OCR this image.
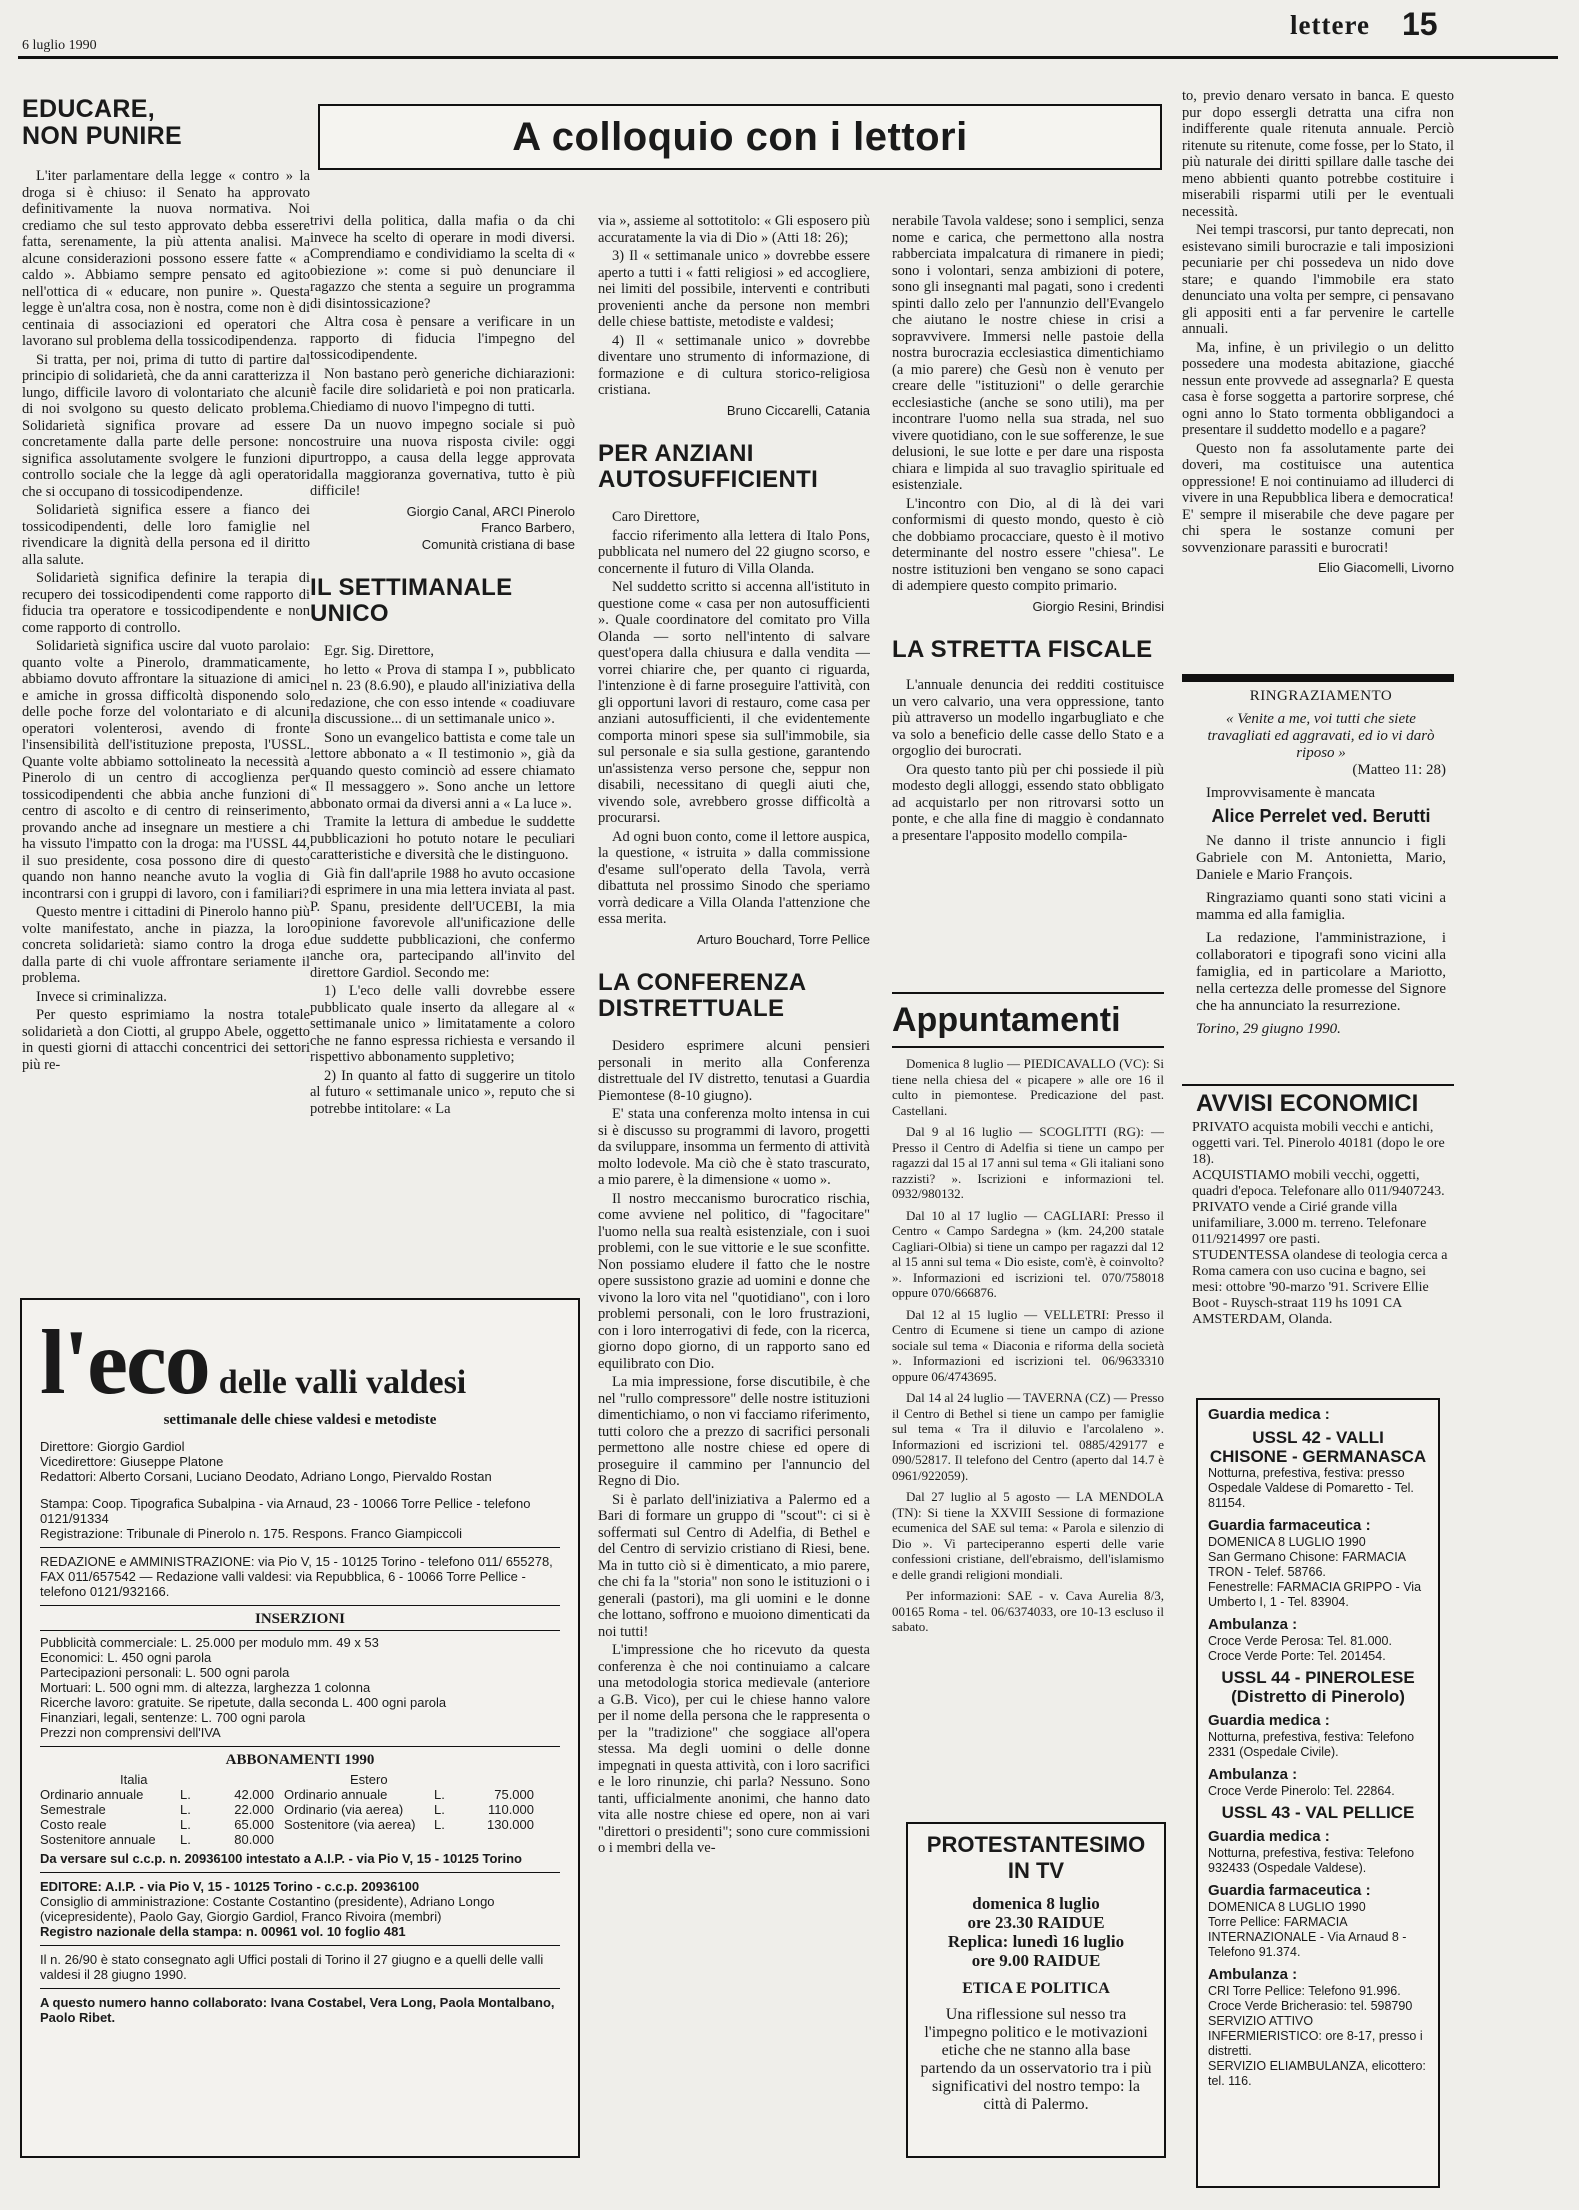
6 luglio 1990
lettere 15
EDUCARE,
NON PUNIRE

L'iter parlamentare della legge « contro » la droga si è chiuso: il Senato ha approvato definitivamente la nuova normativa. Noi crediamo che sul testo approvato debba essere fatta, serenamente, la più attenta analisi. Ma alcune considerazioni possono essere fatte « a caldo ». Abbiamo sempre pensato ed agito nell'ottica di « educare, non punire ». Questa legge è un'altra cosa, non è nostra, come non è di centinaia di associazioni ed operatori che lavorano sul problema della tossicodipendenza.

Si tratta, per noi, prima di tutto di partire dal principio di solidarietà, che da anni caratterizza il lungo, difficile lavoro di volontariato che alcuni di noi svolgono su questo delicato problema. Solidarietà significa provare ad essere concretamente dalla parte delle persone: non significa assolutamente svolgere le funzioni di controllo sociale che la legge dà agli operatori che si occupano di tossicodipendenze.

Solidarietà significa essere a fianco dei tossicodipendenti, delle loro famiglie nel rivendicare la dignità della persona ed il diritto alla salute.

Solidarietà significa definire la terapia di recupero dei tossicodipendenti come rapporto di fiducia tra operatore e tossicodipendente e non come rapporto di controllo.

Solidarietà significa uscire dal vuoto parolaio: quanto volte a Pinerolo, drammaticamente, abbiamo dovuto affrontare la situazione di amici e amiche in grossa difficoltà disponendo solo delle poche forze del volontariato e di alcuni operatori volenterosi, avendo di fronte l'insensibilità dell'istituzione preposta, l'USSL. Quante volte abbiamo sottolineato la necessità a Pinerolo di un centro di accoglienza per tossicodipendenti che abbia anche funzioni di centro di ascolto e di centro di reinserimento, provando anche ad insegnare un mestiere a chi ha vissuto l'impatto con la droga: ma l'USSL 44, il suo presidente, cosa possono dire di questo quando non hanno neanche avuto la voglia di incontrarsi con i gruppi di lavoro, con i familiari?

Questo mentre i cittadini di Pinerolo hanno più volte manifestato, anche in piazza, la loro concreta solidarietà: siamo contro la droga e dalla parte di chi vuole affrontare seriamente il problema.

Invece si criminalizza.

Per questo esprimiamo la nostra totale solidarietà a don Ciotti, al gruppo Abele, oggetto in questi giorni di attacchi concentrici dei settori più re-

A colloquio con i lettori

trivi della politica, dalla mafia o da chi invece ha scelto di operare in modi diversi. Comprendiamo e condividiamo la scelta di « obiezione »: come si può denunciare il ragazzo che stenta a seguire un programma di disintossicazione?

Altra cosa è pensare a verificare in un rapporto di fiducia l'impegno del tossicodipendente.

Non bastano però generiche dichiarazioni: è facile dire solidarietà e poi non praticarla. Chiediamo di nuovo l'impegno di tutti.

Da un nuovo impegno sociale si può costruire una nuova risposta civile: oggi purtroppo, a causa della legge approvata dalla maggioranza governativa, tutto è più difficile!

Giorgio Canal, ARCI Pinerolo
Franco Barbero,
Comunità cristiana di base
IL SETTIMANALE
UNICO

Egr. Sig. Direttore,

ho letto « Prova di stampa I », pubblicato nel n. 23 (8.6.90), e plaudo all'iniziativa della redazione, che con esso intende « coadiuvare la discussione... di un settimanale unico ».

Sono un evangelico battista e come tale un lettore abbonato a « Il testimonio », già da quando questo cominciò ad essere chiamato « Il messaggero ». Sono anche un lettore abbonato ormai da diversi anni a « La luce ».

Tramite la lettura di ambedue le suddette pubblicazioni ho potuto notare le peculiari caratteristiche e diversità che le distinguono.

Già fin dall'aprile 1988 ho avuto occasione di esprimere in una mia lettera inviata al past. P. Spanu, presidente dell'UCEBI, la mia opinione favorevole all'unificazione delle due suddette pubblicazioni, che confermo anche ora, partecipando all'invito del direttore Gardiol. Secondo me:

1) L'eco delle valli dovrebbe essere pubblicato quale inserto da allegare al « settimanale unico » limitatamente a coloro che ne fanno espressa richiesta e versando il rispettivo abbonamento suppletivo;

2) In quanto al fatto di suggerire un titolo al futuro « settimanale unico », reputo che si potrebbe intitolare: « La

via », assieme al sottotitolo: « Gli esposero più accuratamente la via di Dio » (Atti 18: 26);

3) Il « settimanale unico » dovrebbe essere aperto a tutti i « fatti religiosi » ed accogliere, nei limiti del possibile, interventi e contributi provenienti anche da persone non membri delle chiese battiste, metodiste e valdesi;

4) Il « settimanale unico » dovrebbe diventare uno strumento di informazione, di formazione e di cultura storico-religiosa cristiana.

Bruno Ciccarelli, Catania
PER ANZIANI
AUTOSUFFICIENTI

Caro Direttore,

faccio riferimento alla lettera di Italo Pons, pubblicata nel numero del 22 giugno scorso, e concernente il futuro di Villa Olanda.

Nel suddetto scritto si accenna all'istituto in questione come « casa per non autosufficienti ». Quale coordinatore del comitato pro Villa Olanda — sorto nell'intento di salvare quest'opera dalla chiusura e dalla vendita — vorrei chiarire che, per quanto ci riguarda, l'intenzione è di farne proseguire l'attività, con gli opportuni lavori di restauro, come casa per anziani autosufficienti, il che evidentemente comporta minori spese sia sull'immobile, sia sul personale e sia sulla gestione, garantendo un'assistenza verso persone che, seppur non disabili, necessitano di quegli aiuti che, vivendo sole, avrebbero grosse difficoltà a procurarsi.

Ad ogni buon conto, come il lettore auspica, la questione, « istruita » dalla commissione d'esame sull'operato della Tavola, verrà dibattuta nel prossimo Sinodo che speriamo vorrà dedicare a Villa Olanda l'attenzione che essa merita.

Arturo Bouchard, Torre Pellice
LA CONFERENZA
DISTRETTUALE

Desidero esprimere alcuni pensieri personali in merito alla Conferenza distrettuale del IV distretto, tenutasi a Guardia Piemontese (8-10 giugno).

E' stata una conferenza molto intensa in cui si è discusso su programmi di lavoro, progetti da sviluppare, insomma un fermento di attività molto lodevole. Ma ciò che è stato trascurato, a mio parere, è la dimensione « uomo ».

Il nostro meccanismo burocratico rischia, come avviene nel politico, di "fagocitare" l'uomo nella sua realtà esistenziale, con i suoi problemi, con le sue vittorie e le sue sconfitte. Non possiamo eludere il fatto che le nostre opere sussistono grazie ad uomini e donne che vivono la loro vita nel "quotidiano", con i loro problemi personali, con le loro frustrazioni, con i loro interrogativi di fede, con la ricerca, giorno dopo giorno, di un rapporto sano ed equilibrato con Dio.

La mia impressione, forse discutibile, è che nel "rullo compressore" delle nostre istituzioni dimentichiamo, o non vi facciamo riferimento, tutti coloro che a prezzo di sacrifici personali permettono alle nostre chiese ed opere di proseguire il cammino per l'annuncio del Regno di Dio.

Si è parlato dell'iniziativa a Palermo ed a Bari di formare un gruppo di "scout": ci si è soffermati sul Centro di Adelfia, di Bethel e del Centro di servizio cristiano di Riesi, bene. Ma in tutto ciò si è dimenticato, a mio parere, che chi fa la "storia" non sono le istituzioni o i generali (pastori), ma gli uomini e le donne che lottano, soffrono e muoiono dimenticati da noi tutti!

L'impressione che ho ricevuto da questa conferenza è che noi continuiamo a calcare una metodologia storica medievale (anteriore a G.B. Vico), per cui le chiese hanno valore per il nome della persona che le rappresenta o per la "tradizione" che soggiace all'opera stessa. Ma degli uomini o delle donne impegnati in questa attività, con i loro sacrifici e le loro rinunzie, chi parla? Nessuno. Sono tanti, ufficialmente anonimi, che hanno dato vita alle nostre chiese ed opere, non ai vari "direttori o presidenti"; sono cure commissioni o i membri della ve-

nerabile Tavola valdese; sono i semplici, senza nome e carica, che permettono alla nostra rabberciata impalcatura di rimanere in piedi; sono i volontari, senza ambizioni di potere, sono gli insegnanti mal pagati, sono i credenti spinti dallo zelo per l'annunzio dell'Evangelo che aiutano le nostre chiese in crisi a sopravvivere. Immersi nelle pastoie della nostra burocrazia ecclesiastica dimentichiamo (a mio parere) che Gesù non è venuto per creare delle "istituzioni" o delle gerarchie ecclesiastiche (anche se sono utili), ma per incontrare l'uomo nella sua strada, nel suo vivere quotidiano, con le sue sofferenze, le sue delusioni, le sue lotte e per dare una risposta chiara e limpida al suo travaglio spirituale ed esistenziale.

L'incontro con Dio, al di là dei vari conformismi di questo mondo, questo è ciò che dobbiamo procacciare, questo è il motivo determinante del nostro essere "chiesa". Le nostre istituzioni ben vengano se sono capaci di adempiere questo compito primario.

Giorgio Resini, Brindisi
LA STRETTA FISCALE

L'annuale denuncia dei redditi costituisce un vero calvario, una vera oppressione, tanto più attraverso un modello ingarbugliato e che va solo a beneficio delle casse dello Stato e a orgoglio dei burocrati.

Ora questo tanto più per chi possiede il più modesto degli alloggi, essendo stato obbligato ad acquistarlo per non ritrovarsi sotto un ponte, e che alla fine di maggio è condannato a presentare l'apposito modello compila-

Appuntamenti

Domenica 8 luglio — PIEDICAVALLO (VC): Si tiene nella chiesa del « picapere » alle ore 16 il culto in piemontese. Predicazione del past. Castellani.

Dal 9 al 16 luglio — SCOGLITTI (RG): — Presso il Centro di Adelfia si tiene un campo per ragazzi dal 15 al 17 anni sul tema « Gli italiani sono razzisti? ». Iscrizioni e informazioni tel. 0932/980132.

Dal 10 al 17 luglio — CAGLIARI: Presso il Centro « Campo Sardegna » (km. 24,200 statale Cagliari-Olbia) si tiene un campo per ragazzi dal 12 al 15 anni sul tema « Dio esiste, com'è, è coinvolto? ». Informazioni ed iscrizioni tel. 070/758018 oppure 070/666876.

Dal 12 al 15 luglio — VELLETRI: Presso il Centro di Ecumene si tiene un campo di azione sociale sul tema « Diaconia e riforma della società ». Informazioni ed iscrizioni tel. 06/9633310 oppure 06/4743695.

Dal 14 al 24 luglio — TAVERNA (CZ) — Presso il Centro di Bethel si tiene un campo per famiglie sul tema « Tra il diluvio e l'arcolaleno ». Informazioni ed iscrizioni tel. 0885/429177 e 090/52817. Il telefono del Centro (aperto dal 14.7 è 0961/922059).

Dal 27 luglio al 5 agosto — LA MENDOLA (TN): Si tiene la XXVIII Sessione di formazione ecumenica del SAE sul tema: « Parola e silenzio di Dio ». Vi parteciperanno esperti delle varie confessioni cristiane, dell'ebraismo, dell'islamismo e delle grandi religioni mondiali.

Per informazioni: SAE - v. Cava Aurelia 8/3, 00165 Roma - tel. 06/6374033, ore 10-13 escluso il sabato.

PROTESTANTESIMO
IN TV
domenica 8 luglio
ore 23.30 RAIDUE
Replica: lunedì 16 luglio
ore 9.00 RAIDUE
ETICA E POLITICA
Una riflessione sul nesso tra l'impegno politico e le motivazioni etiche che ne stanno alla base partendo da un osservatorio tra i più significativi del nostro tempo: la città di Palermo.

to, previo denaro versato in banca. E questo pur dopo essergli detratta una cifra non indifferente quale ritenuta annuale. Perciò ritenute su ritenute, come fosse, per lo Stato, il più naturale dei diritti spillare dalle tasche dei meno abbienti quanto potrebbe costituire i miserabili risparmi utili per le eventuali necessità.

Nei tempi trascorsi, pur tanto deprecati, non esistevano simili burocrazie e tali imposizioni pecuniarie per chi possedeva un nido dove stare; e quando l'immobile era stato denunciato una volta per sempre, ci pensavano gli appositi enti a far pervenire le cartelle annuali.

Ma, infine, è un privilegio o un delitto possedere una modesta abitazione, giacché nessun ente provvede ad assegnarla? E questa casa è forse soggetta a partorire sorprese, ché ogni anno lo Stato tormenta obbligandoci a presentare il suddetto modello e a pagare?

Questo non fa assolutamente parte dei doveri, ma costituisce una autentica oppressione! E noi continuiamo ad illuderci di vivere in una Repubblica libera e democratica! E' sempre il miserabile che deve pagare per chi spera le sostanze comuni per sovvenzionare parassiti e burocrati!

Elio Giacomelli, Livorno
RINGRAZIAMENTO
« Venite a me, voi tutti che siete travagliati ed aggravati, ed io vi darò riposo »
(Matteo 11: 28)
Improvvisamente è mancata
Alice Perrelet ved. Berutti
Ne danno il triste annuncio i figli Gabriele con M. Antonietta, Mario, Daniele e Mario François.
Ringraziamo quanti sono stati vicini a mamma ed alla famiglia.
La redazione, l'amministrazione, i collaboratori e tipografi sono vicini alla famiglia, ed in particolare a Mariotto, nella certezza delle promesse del Signore che ha annunciato la resurrezione.
Torino, 29 giugno 1990.
AVVISI ECONOMICI

PRIVATO acquista mobili vecchi e antichi, oggetti vari. Tel. Pinerolo 40181 (dopo le ore 18).

ACQUISTIAMO mobili vecchi, oggetti, quadri d'epoca. Telefonare allo 011/9407243.

PRIVATO vende a Cirié grande villa unifamiliare, 3.000 m. terreno. Telefonare 011/9214997 ore pasti.

STUDENTESSA olandese di teologia cerca a Roma camera con uso cucina e bagno, sei mesi: ottobre '90-marzo '91. Scrivere Ellie Boot - Ruysch-straat 119 hs 1091 CA AMSTERDAM, Olanda.

Guardia medica :
USSL 42 - VALLI
CHISONE - GERMANASCA
Notturna, prefestiva, festiva: presso Ospedale Valdese di Pomaretto - Tel. 81154.
Guardia farmaceutica :
DOMENICA 8 LUGLIO 1990
San Germano Chisone: FARMACIA TRON - Telef. 58766.
Fenestrelle: FARMACIA GRIPPO - Via Umberto I, 1 - Tel. 83904.
Ambulanza :
Croce Verde Perosa: Tel. 81.000.
Croce Verde Porte: Tel. 201454.
USSL 44 - PINEROLESE
(Distretto di Pinerolo)
Guardia medica :
Notturna, prefestiva, festiva: Telefono 2331 (Ospedale Civile).
Ambulanza :
Croce Verde Pinerolo: Tel. 22864.
USSL 43 - VAL PELLICE
Guardia medica :
Notturna, prefestiva, festiva: Telefono 932433 (Ospedale Valdese).
Guardia farmaceutica :
DOMENICA 8 LUGLIO 1990
Torre Pellice: FARMACIA INTERNAZIONALE - Via Arnaud 8 - Telefono 91.374.
Ambulanza :
CRI Torre Pellice: Telefono 91.996.
Croce Verde Bricherasio: tel. 598790
SERVIZIO ATTIVO INFERMIERISTICO: ore 8-17, presso i distretti.
SERVIZIO ELIAMBULANZA, elicottero: tel. 116.
l'eco delle valli valdesi
settimanale delle chiese valdesi e metodiste
Direttore: Giorgio Gardiol
Vicedirettore: Giuseppe Platone
Redattori: Alberto Corsani, Luciano Deodato, Adriano Longo, Piervaldo Rostan
Stampa: Coop. Tipografica Subalpina - via Arnaud, 23 - 10066 Torre Pellice - telefono 0121/91334
Registrazione: Tribunale di Pinerolo n. 175. Respons. Franco Giampiccoli
REDAZIONE e AMMINISTRAZIONE: via Pio V, 15 - 10125 Torino - telefono 011/ 655278, FAX 011/657542 — Redazione valli valdesi: via Repubblica, 6 - 10066 Torre Pellice - telefono 0121/932166.
INSERZIONI
Pubblicità commerciale: L. 25.000 per modulo mm. 49 x 53
Economici: L. 450 ogni parola
Partecipazioni personali: L. 500 ogni parola
Mortuari: L. 500 ogni mm. di altezza, larghezza 1 colonna
Ricerche lavoro: gratuite. Se ripetute, dalla seconda L. 400 ogni parola
Finanziari, legali, sentenze: L. 700 ogni parola
Prezzi non comprensivi dell'IVA
ABBONAMENTI 1990
Italia	Estero
Ordinario annuale	L.	42.000 Ordinario annuale	L.	75.000
Semestrale	L.	22.000 Ordinario (via aerea)	L.	110.000
Costo reale	L.	65.000 Sostenitore (via aerea)	L.	130.000
Sostenitore annuale	L.	80.000
Da versare sul c.c.p. n. 20936100 intestato a A.I.P. - via Pio V, 15 - 10125 Torino
EDITORE: A.I.P. - via Pio V, 15 - 10125 Torino - c.c.p. 20936100
Consiglio di amministrazione: Costante Costantino (presidente), Adriano Longo (vicepresidente), Paolo Gay, Giorgio Gardiol, Franco Rivoira (membri)
Registro nazionale della stampa: n. 00961 vol. 10 foglio 481
Il n. 26/90 è stato consegnato agli Uffici postali di Torino il 27 giugno e a quelli delle valli valdesi il 28 giugno 1990.
A questo numero hanno collaborato: Ivana Costabel, Vera Long, Paola Montalbano, Paolo Ribet.
